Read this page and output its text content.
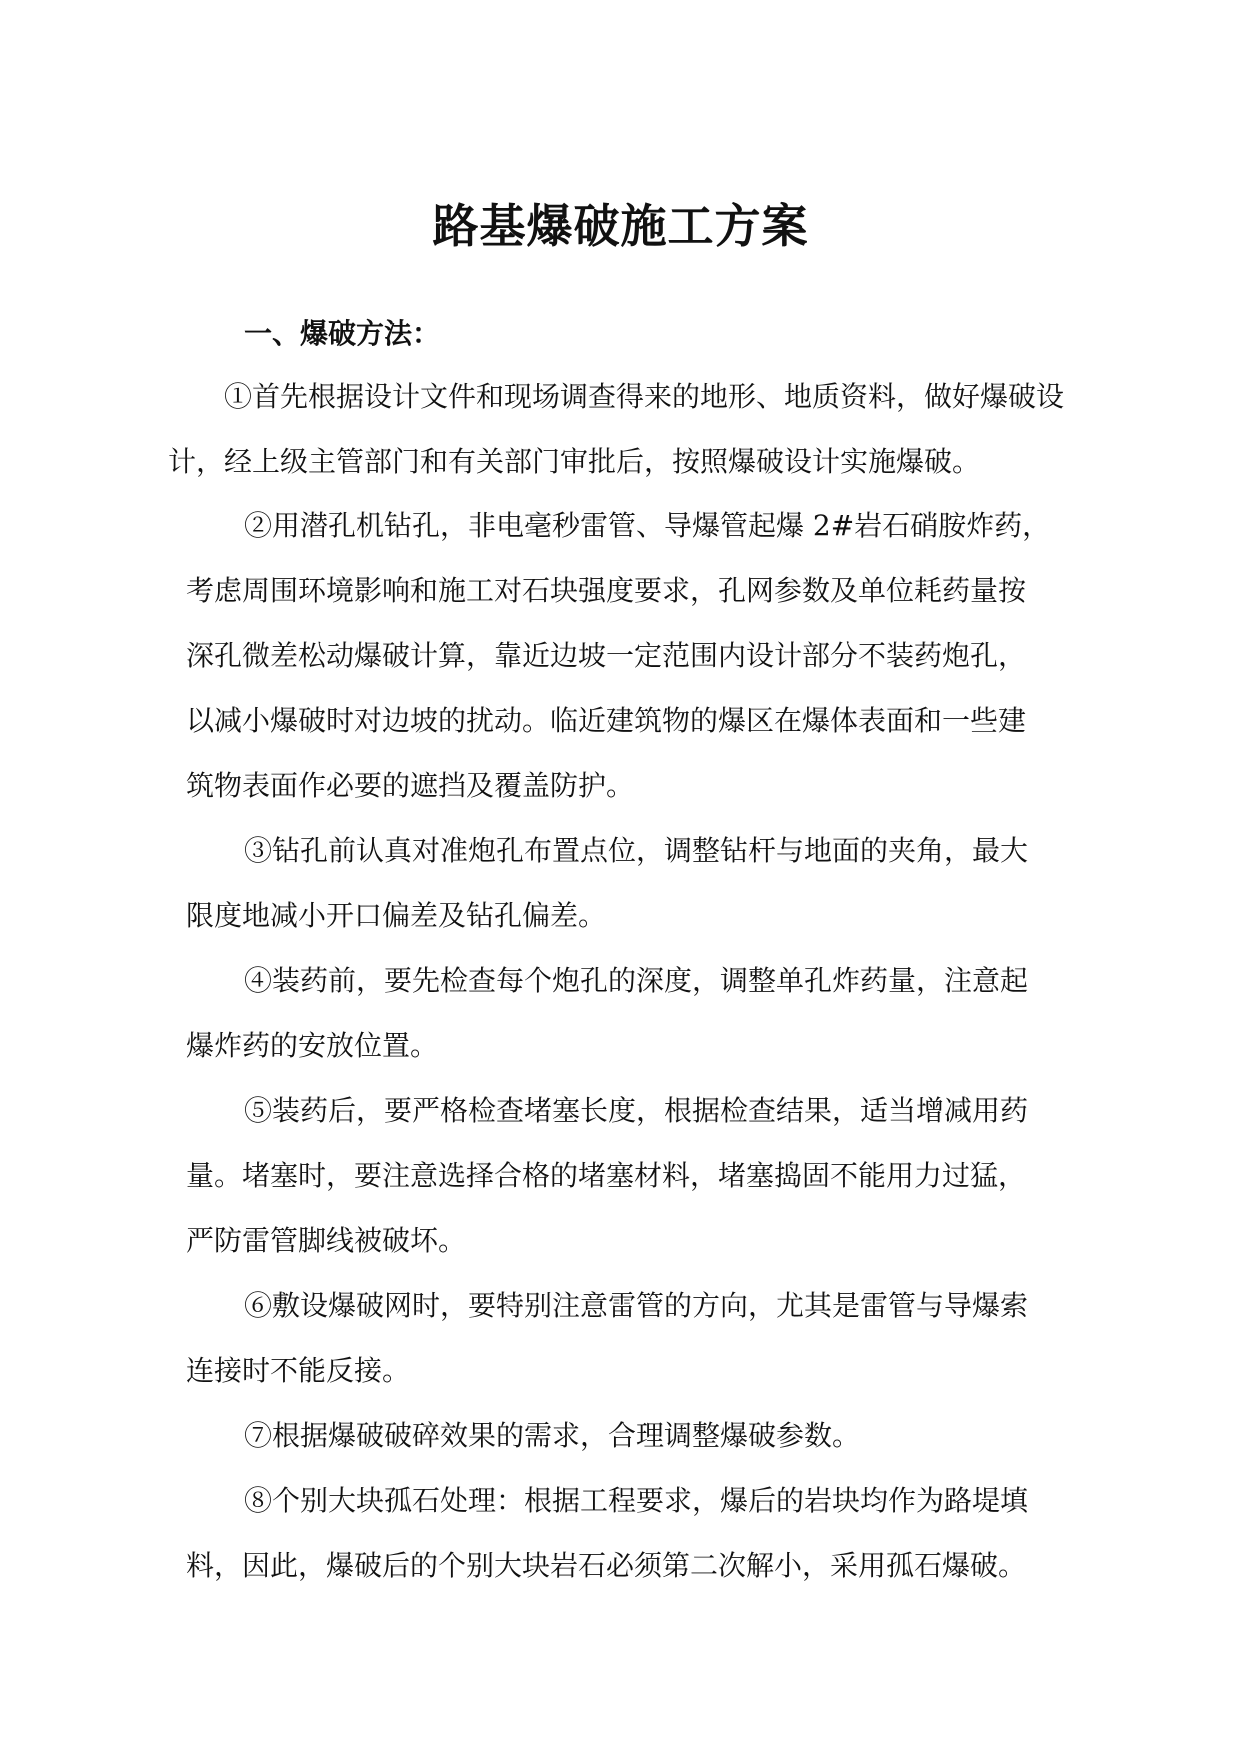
路基爆破施工方案
一、爆破方法：
①首先根据设计文件和现场调查得来的地形、地质资料，做好爆破设
计，经上级主管部门和有关部门审批后，按照爆破设计实施爆破。
②用潜孔机钻孔，非电毫秒雷管、导爆管起爆 2#岩石硝胺炸药，
考虑周围环境影响和施工对石块强度要求，孔网参数及单位耗药量按
深孔微差松动爆破计算，靠近边坡一定范围内设计部分不装药炮孔，
以减小爆破时对边坡的扰动。临近建筑物的爆区在爆体表面和一些建
筑物表面作必要的遮挡及覆盖防护。
③钻孔前认真对准炮孔布置点位，调整钻杆与地面的夹角，最大
限度地减小开口偏差及钻孔偏差。
④装药前，要先检查每个炮孔的深度，调整单孔炸药量，注意起
爆炸药的安放位置。
⑤装药后，要严格检查堵塞长度，根据检查结果，适当增减用药
量。堵塞时，要注意选择合格的堵塞材料，堵塞捣固不能用力过猛，
严防雷管脚线被破坏。
⑥敷设爆破网时，要特别注意雷管的方向，尤其是雷管与导爆索
连接时不能反接。
⑦根据爆破破碎效果的需求，合理调整爆破参数。
⑧个别大块孤石处理：根据工程要求，爆后的岩块均作为路堤填
料，因此，爆破后的个别大块岩石必须第二次解小，采用孤石爆破。
